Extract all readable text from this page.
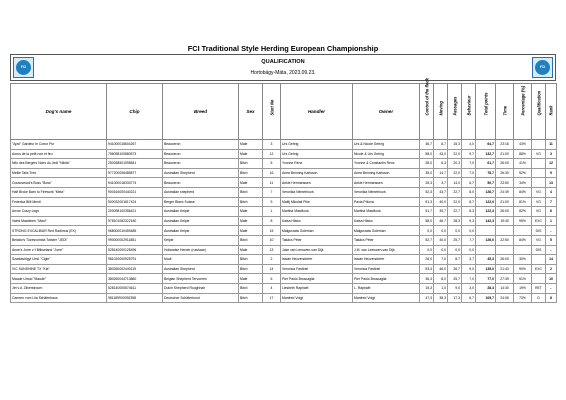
FCI Traditional Style Herding European Championship
FCI
QUALIFICATION
Hortobágy-Máta, 2023.09.23.
FCI
Dog's name	Chip	Breed	Sex	Start No	Handler	Owner	Control of the flock	Moving	Passages	Behaviour	Total points	Time	Percentage (%)	Qualification	Rank

"Apsi" Gardeur le Coeur Pur	941000018604267	Beauceron	Male	3	Urs Gehrig	Urs & Nicole Gehrig	36,7	8,7	15,3	4,0	64,7	23:16	43%		11
Aorus de la petit noir et feu	756098100880573	Beauceron	Male	12	Urs Gehrig	Nicole & Urs Gehrig	58,0	43,0	22,0	9,7	132,7	21:00	88%	VG	3
Nifo des Bergers Noirs du Jedi "Nikita"	250268501095841	Beauceron	Bitch	5	Yvonne Renz	Yvonne & Constantin Renz	28,0	6,3	20,3	7,0	61,7	26:00	41%		12
Mellie Tails Tres	977200008485877	Australian Shepherd	Bitch	16	Anna Brinning Karlsson	Anna Brinning Karlsson	35,0	14,7	22,0	7,0	78,7	26:30	52%		9
Goosewood's Boss "Boss"	941000018333774	Beauceron	Male	11	Ankie Hermanssen	Ankie Hermanssen	26,3	3,7	14,0	6,7	50,7	23:50	34%		13
Half Broke Barn to Firework "Mela"	900164000440221	Australian shepherd	Bitch	7	Veronika Némethová	Veronika Némethová	52,3	43,7	22,7	8,0	126,7	24:39	84%	VG	4
Federica Billi Menti	900032001817424	Berger Blanc Suisse	Bitch	9	Matilj Mikulaš Piše	Pavla Píšová	51,3	40,0	22,0	8,7	122,0	21:00	81%	VG	7
Arrow Crazy Legs	203098100356421	Australian Kelpie	Male	1	Martina Mastilová	Martina Mastilová	51,7	39,7	22,7	8,3	122,3	26:00	82%	VG	6
Valmi Maahinen "Maui"	978101082322180	Australian Kelpie	Male	8	Kaisa Hiisko	Kaisa Hiisko	58,0	46,7	28,3	9,3	142,3	19:40	95%	EXC	1
STRONG EXCALIBUR Red Radimus (EX)	968000010459485	Australian Kelpie	Male	15	Małgorzata Goleman	Małgorzata Goleman	0,0	0,0	0,0	0,0				DIS	-
Belator's Tüzesvomba Twister "JEDI"	990000002911881	Kelpie	Bitch	10	Takács Péter	Takács Péter	52,7	40,0	25,7	7,7	126,0	22:50	84%	VG	5
Anne's Jorre v.'t Blikseland "Jorre"	528140000125496	Hollandse Herder (ruwhaar)	Male	13	Joke van Leeuwen-van Dijk	J.M. van Leeuwen-van Dijk	0,0	0,0	0,0	0,0				DIS	-
Szarkavölgyi Umö "Cigle"	981020000925791	Mudi	Bitch	2	István Heczendorfer	István Heczendorfer	26,0	7,0	8,7	3,7	45,3	26:00	30%		14
V/C SUNSHINE TX "Kia"	380260002440119	Australian Shepherd	Bitch	14	Veronica Fantinel	Veronica Fantinel	53,3	46,0	26,7	9,0	135,0	21:43	90%	EXC	2
Maude Umod "Maude"	380260044713860	Belgian Shepherd Tervueren	Male	6	Pier Paolo Bruscaglia	Pier Paolo Bruscaglia	36,3	8,0	25,7	7,0	77,0	27:39	51%		10
Jet v.d. Zilverstroom	528140000674611	Dutch Shepherd Roughhair	Bitch	4	Liesbeth Raphaël	L. Raphaël	15,3	1,0	9,0	3,0	28,3	14:30	19%	RET	-
Carmen vom Lila Schäferhaus	981189900092358	Deutscher Schäferhund	Bitch	17	Manfred Voigt	Manfred Voigt	47,3	38,3	17,3	6,7	109,7	24:06	73%	G	8
